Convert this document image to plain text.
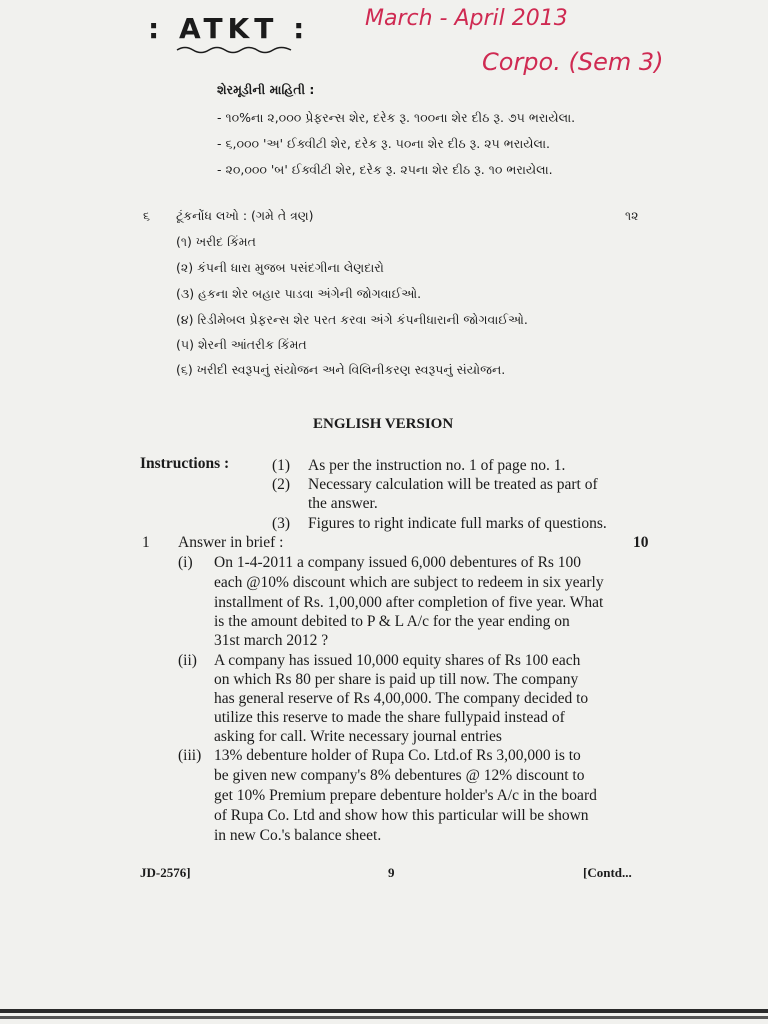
: ATKT :	March - April 2013
Corpo. (Sem 3)
શેરમૂડીની માહિતી :
- ૧૦%ના ૨,૦૦૦ પ્રેફરન્સ શેર, દરેક રૂ. ૧૦૦ના શેર દીઠ રૂ. ૭૫ ભરાયેલા.
- ૬,૦૦૦ 'અ' ઈક્વીટી શેર, દરેક રૂ. ૫૦ના શેર દીઠ રૂ. ૨૫ ભરાયેલા.
- ૨૦,૦૦૦ 'બ' ઈક્વીટી શેર, દરેક રૂ. ૨૫ના શેર દીઠ રૂ. ૧૦ ભરાયેલા.
૬ ટૂંકનોંધ લખો : (ગમે તે ત્રણ)	૧૨
(૧) ખરીદ કિંમત
(૨) કંપની ધારા મુજબ પસંદગીના લેણદારો
(૩) હકના શેર બહાર પાડવા અંગેની જોગવાઈઓ.
(૪) રિડીમેબલ પ્રેફરન્સ શેર પરત કરવા અંગે કંપનીધારાની જોગવાઈઓ.
(૫) શેરની આંતરીક કિંમત
(૬) ખરીદી સ્વરૂપનું સંયોજન અને વિલિનીકરણ સ્વરૂપનું સંયોજન.
ENGLISH VERSION
Instructions :	(1) As per the instruction no. 1 of page no. 1.
(2) Necessary calculation will be treated as part of
the answer.
(3) Figures to right indicate full marks of questions.
1 Answer in brief :	10
(i) On 1-4-2011 a company issued 6,000 debentures of Rs 100
each @10% discount which are subject to redeem in six yearly
installment of Rs. 1,00,000 after completion of five year. What
is the amount debited to P & L A/c for the year ending on
31st march 2012 ?
(ii) A company has issued 10,000 equity shares of Rs 100 each
on which Rs 80 per share is paid up till now. The company
has general reserve of Rs 4,00,000. The company decided to
utilize this reserve to made the share fullypaid instead of
asking for call. Write necessary journal entries
(iii) 13% debenture holder of Rupa Co. Ltd.of Rs 3,00,000 is to
be given new company's 8% debentures @ 12% discount to
get 10% Premium prepare debenture holder's A/c in the board
of Rupa Co. Ltd and show how this particular will be shown
in new Co.'s balance sheet.
JD-2576]	9	[Contd...
